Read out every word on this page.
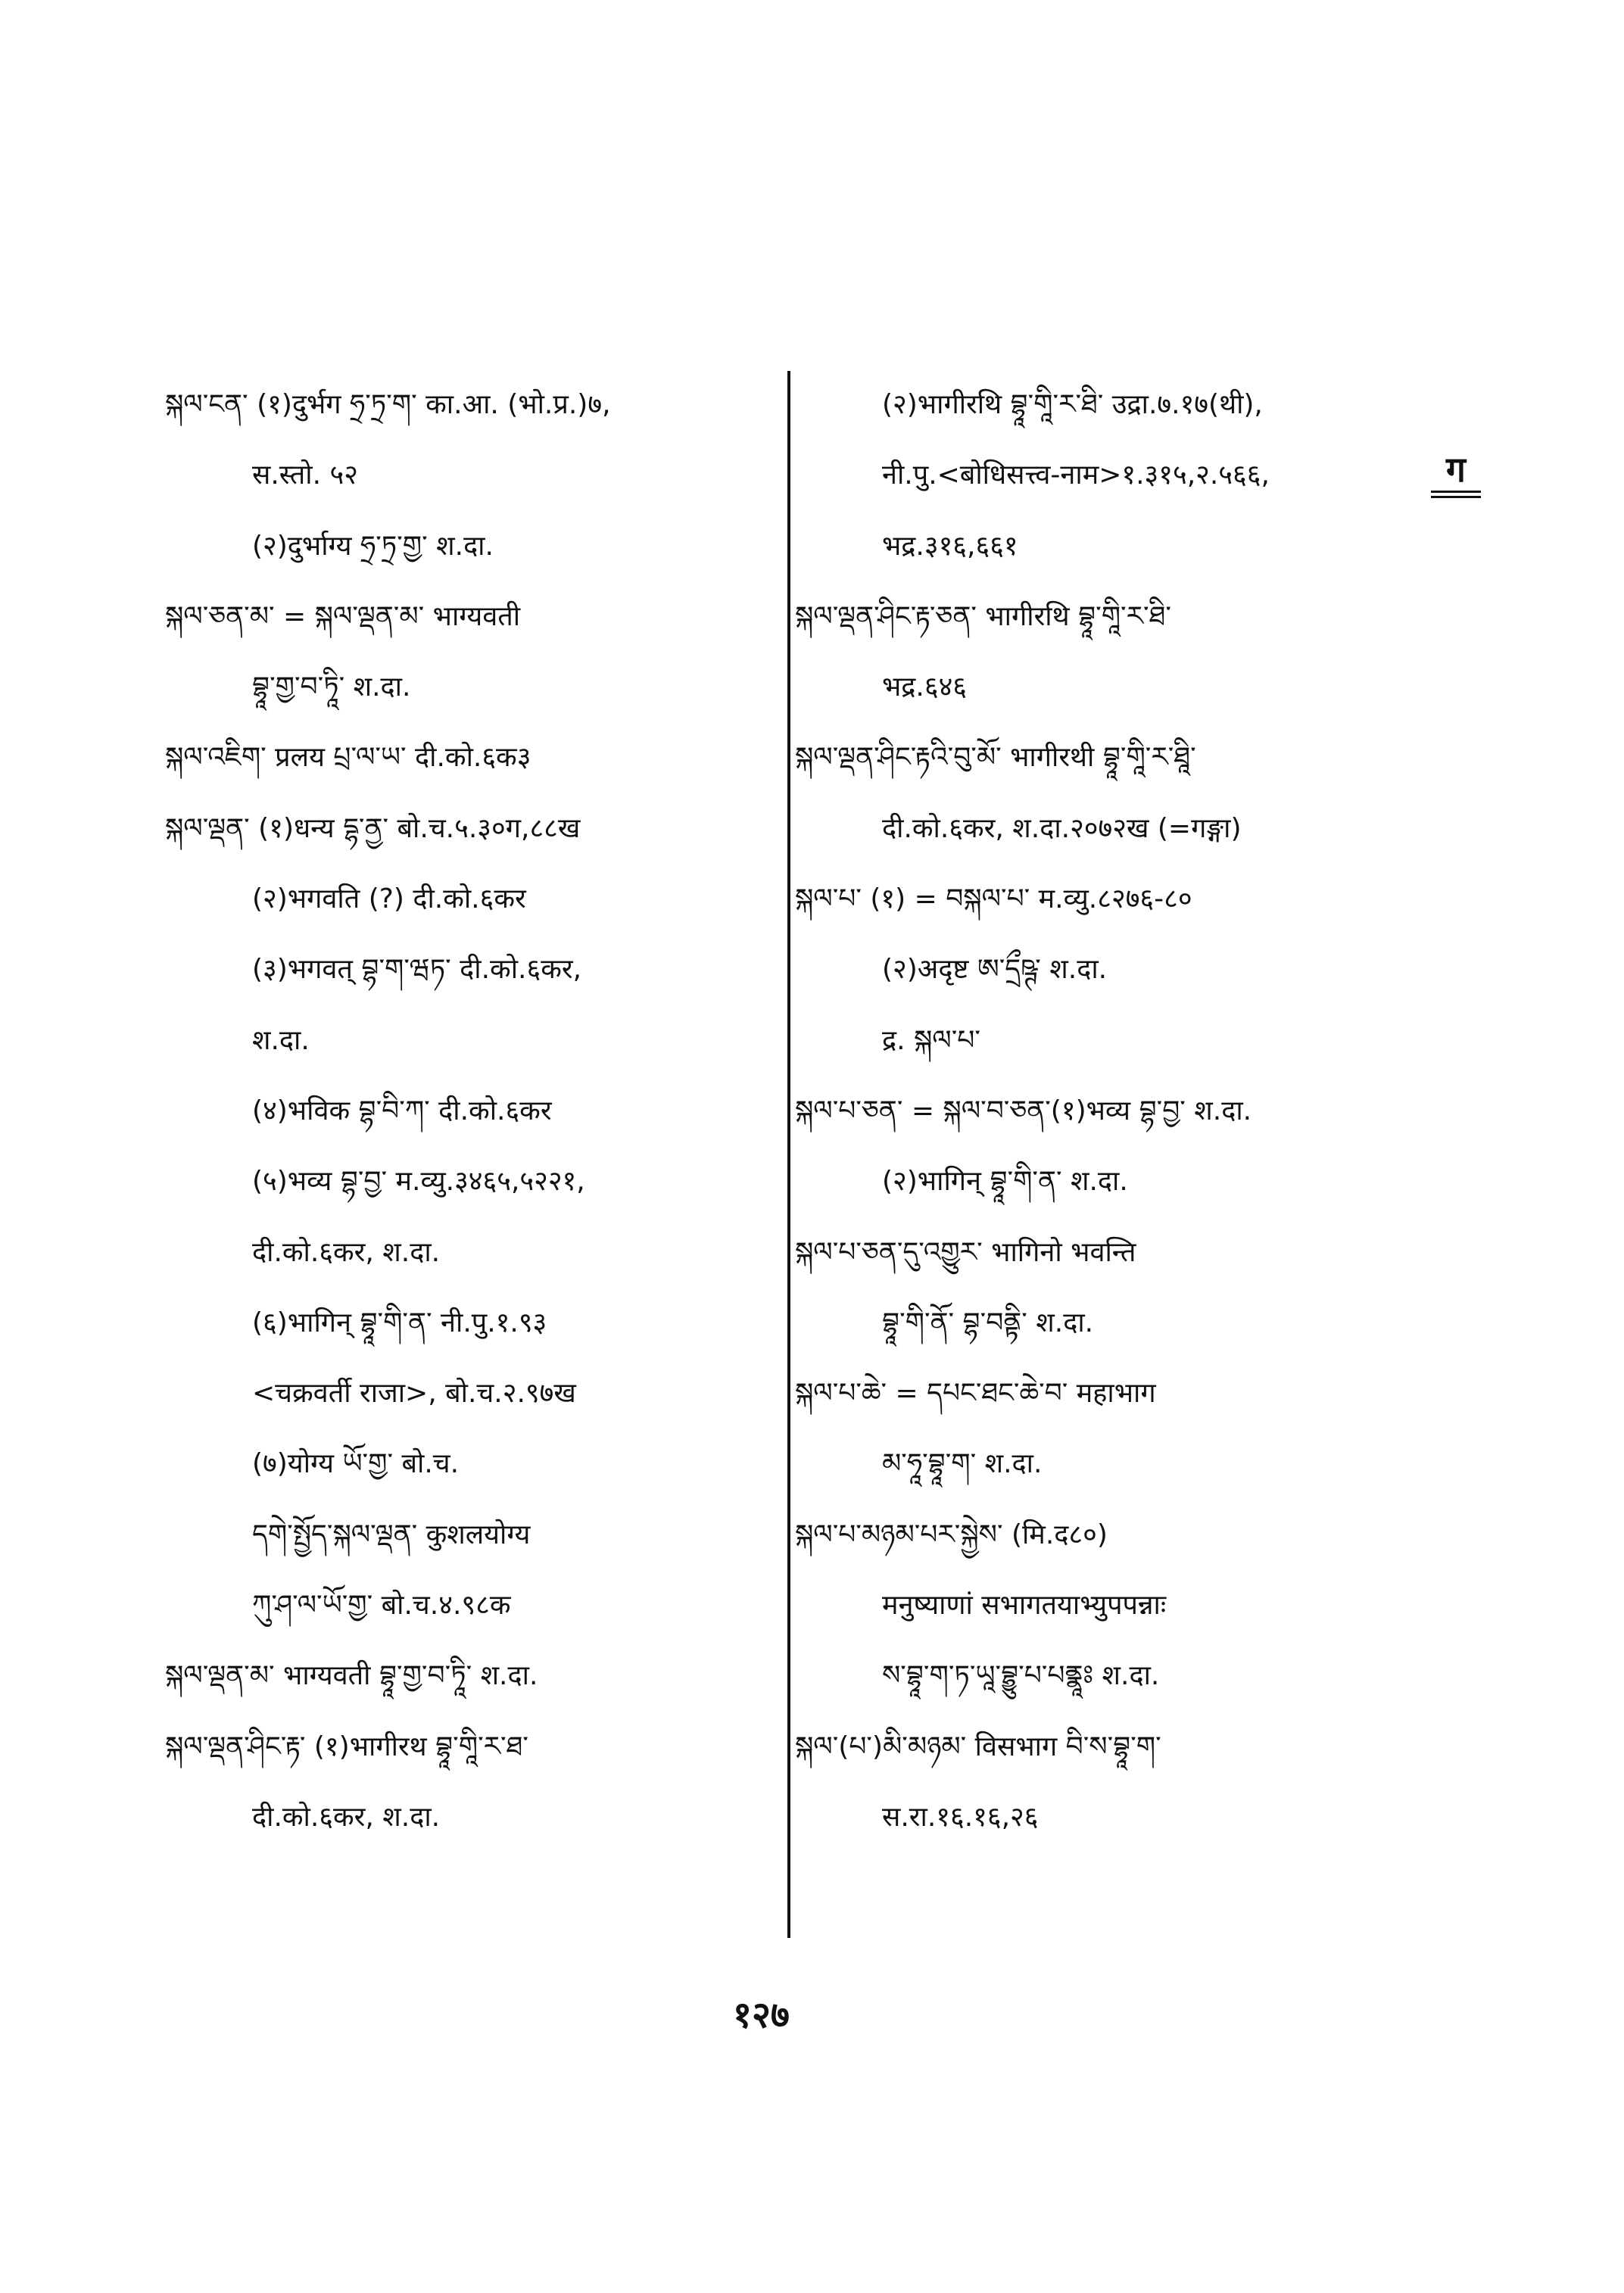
སྐལ་ངན་ (१)दुर्भग ཧྲ་ཏྲ་ག་ का.आ. (भो.प्र.)७,
स.स्तो. ५२
(२)दुर्भाग्य ཧྲ་ཏྲ་གྱ་ श.दा.
སྐལ་ཅན་མ་ = སྐལ་ལྡན་མ་ भाग्यवती
བྷཱ་གྱ་བ་ཏཱི་ श.दा.
སྐལ་འཇིག་ प्रलय པྲ་ལ་ཡ་ दी.को.६क३
སྐལ་ལྡན་ (१)धन्य དྷ་ནྱ་ बो.च.५.३०ग,८८ख
(२)भगवति (?) दी.को.६कर
(३)भगवत् བྷ་ག་ཝཏ་ दी.को.६कर,
श.दा.
(४)भविक བྷ་བི་ཀ་ दी.को.६कर
(५)भव्य བྷ་བྱ་ म.व्यु.३४६५,५२२१,
दी.को.६कर, श.दा.
(६)भागिन् བྷཱ་གི་ན་ नी.पु.१.९३
<चक्रवर्ती राजा>, बो.च.२.९७ख
(७)योग्य ཡོ་གྱ་ बो.च.
དགེ་སྤྱོད་སྐལ་ལྡན་ कुशलयोग्य
ཀུ་ཤ་ལ་ཡོ་གྱ་ बो.च.४.९८क
སྐལ་ལྡན་མ་ भाग्यवती བྷཱ་གྱ་བ་ཏཱི་ श.दा.
སྐལ་ལྡན་ཤིང་རྟ་ (१)भागीरथ བྷཱ་གཱི་ར་ཐ་
दी.को.६कर, श.दा.
(२)भागीरथि བྷཱ་གཱི་ར་ཐི་ उद्रा.७.१७(थी),
नी.पु.<बोधिसत्त्व-नाम>१.३१५,२.५६६,
भद्र.३१६,६६१
སྐལ་ལྡན་ཤིང་རྟ་ཅན་ भागीरथि བྷཱ་གཱི་ར་ཐི་
भद्र.६४६
སྐལ་ལྡན་ཤིང་རྟའི་བུ་མོ་ भागीरथी བྷཱ་གཱི་ར་ཐཱི་
दी.को.६कर, श.दा.२०७२ख (=गङ्गा)
སྐལ་པ་ (१) = བསྐལ་པ་ म.व्यु.८२७६-८०
(२)अदृष्ट ཨ་དྲྀཥྚ་ श.दा.
द्र. སྐལ་པ་
སྐལ་པ་ཅན་ = སྐལ་བ་ཅན་(१)भव्य བྷ་བྱ་ श.दा.
(२)भागिन् བྷཱ་གི་ན་ श.दा.
སྐལ་པ་ཅན་དུ་འགྱུར་ भागिनो भवन्ति
བྷཱ་གི་ནོ་ བྷ་བནྟི་ श.दा.
སྐལ་པ་ཆེ་ = དཔང་ཐང་ཆེ་བ་ महाभाग
མ་ཧཱ་བྷཱ་ག་ श.दा.
སྐལ་པ་མཉམ་པར་སྐྱེས་ (मि.द८०)
मनुष्याणां सभागतयाभ्युपपन्नाः
ས་བྷཱ་ག་ཏ་ཡཱ་བྷྱུ་པ་པནྣཱཿ श.दा.
སྐལ་(པ་)མི་མཉམ་ विसभाग བི་ས་བྷཱ་ག་
स.रा.१६.१६,२६
ग
१२७
